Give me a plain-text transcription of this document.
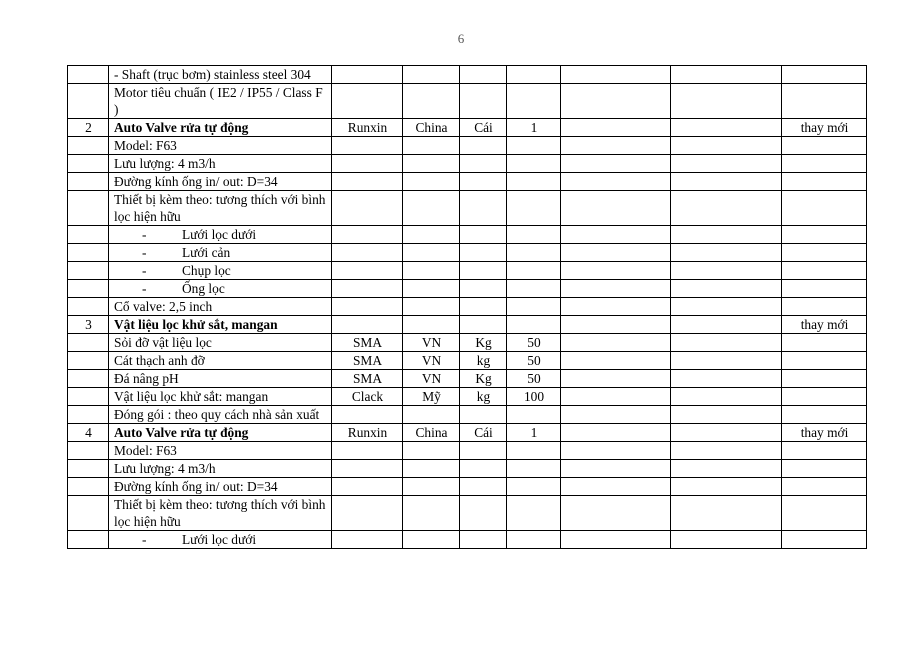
6
	- Shaft (trục bơm) stainless steel 304							
	Motor tiêu chuẩn ( IE2 / IP55 / Class F )							
2	Auto Valve rửa tự động	Runxin	China	Cái	1			thay mới
	Model: F63							
	Lưu lượng: 4 m3/h							
	Đường kính ống in/ out: D=34							
	Thiết bị kèm theo: tương thích với bình lọc hiện hữu							

	- Lưới lọc dưới							

	- Lưới cản							

	- Chụp lọc							

	- Ống lọc							

	Cổ valve: 2,5 inch							
3	Vật liệu lọc khử sắt, mangan							thay mới
	Sỏi đỡ vật liệu lọc	SMA	VN	Kg	50			
	Cát thạch anh đỡ	SMA	VN	kg	50			
	Đá nâng pH	SMA	VN	Kg	50			
	Vật liệu lọc khử sắt: mangan	Clack	Mỹ	kg	100			
	Đóng gói : theo quy cách nhà sản xuất							
4	Auto Valve rửa tự động	Runxin	China	Cái	1			thay mới
	Model: F63							
	Lưu lượng: 4 m3/h							
	Đường kính ống in/ out: D=34							
	Thiết bị kèm theo: tương thích với bình lọc hiện hữu							

	- Lưới lọc dưới							
